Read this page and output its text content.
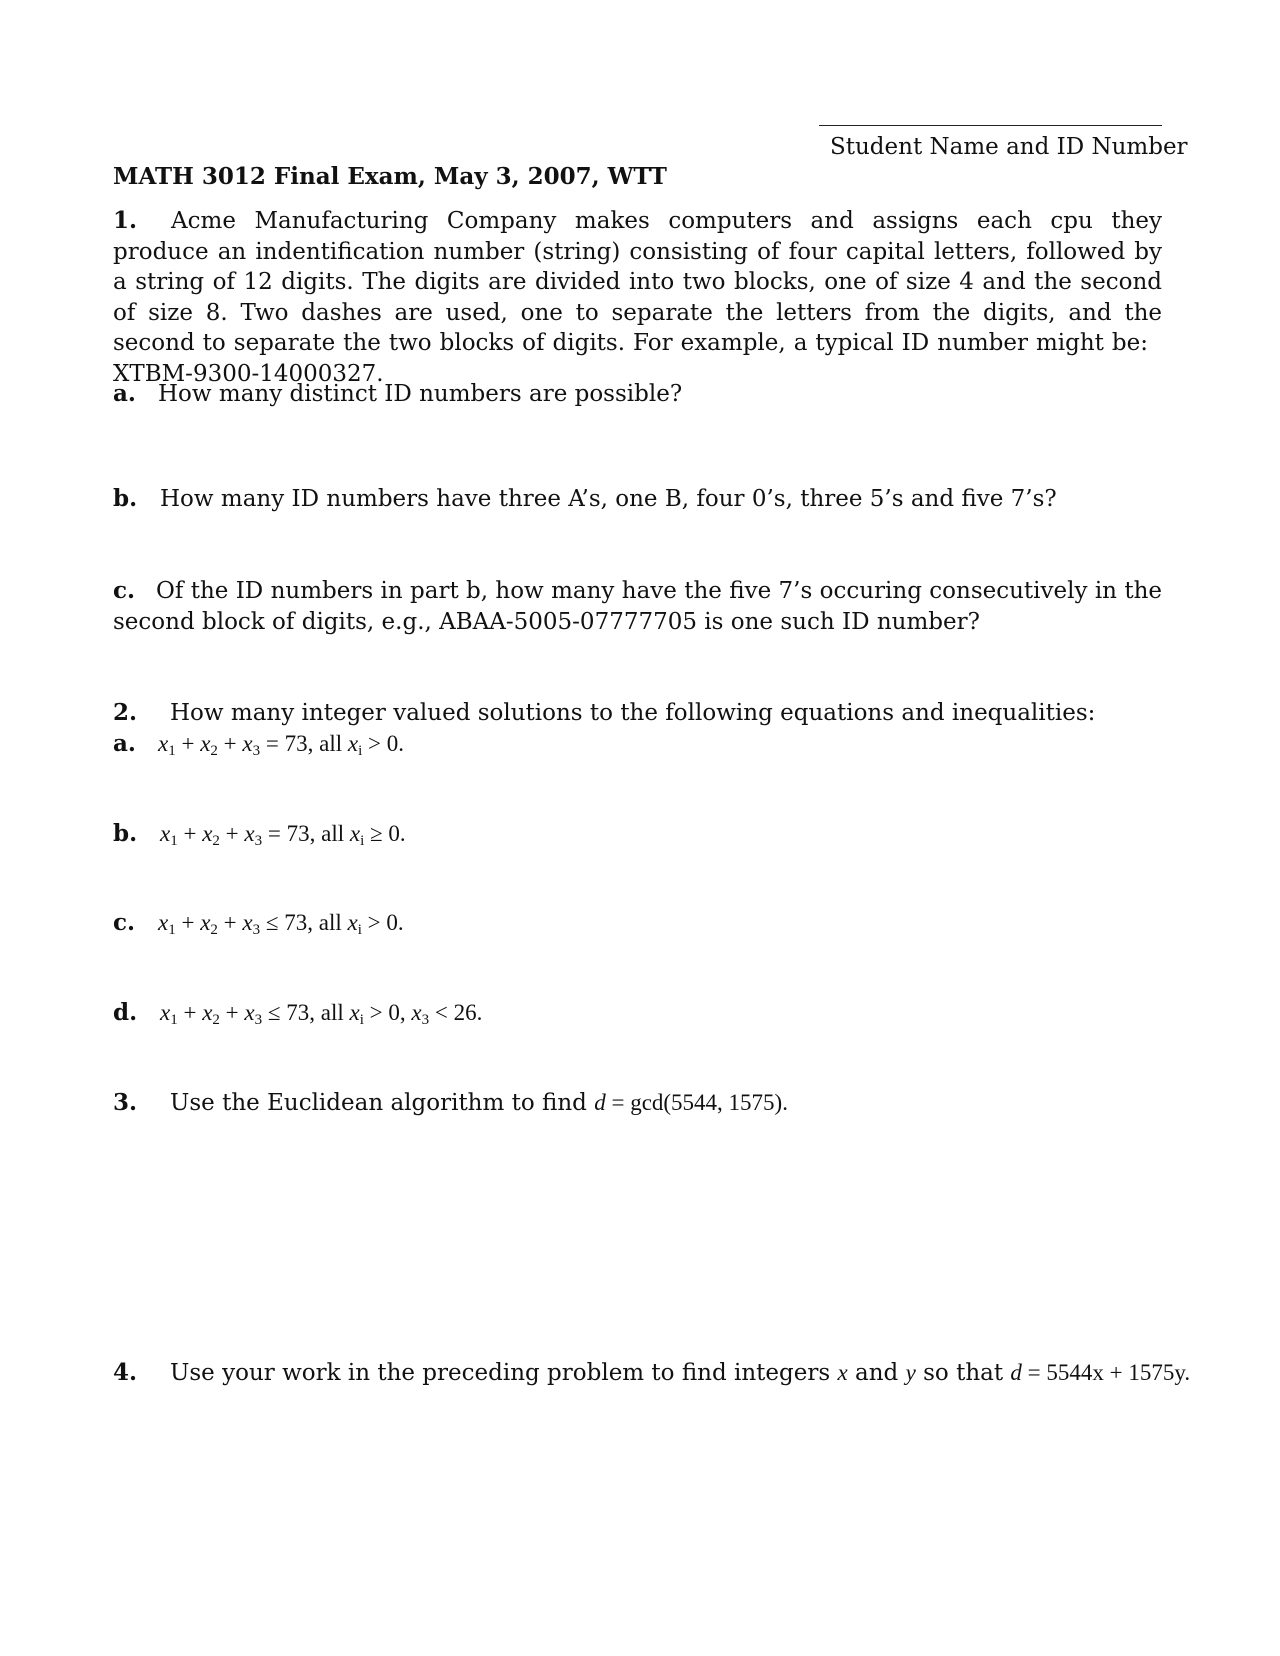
Student Name and ID Number
MATH 3012 Final Exam, May 3, 2007, WTT
1. Acme Manufacturing Company makes computers and assigns each cpu they produce an indentification number (string) consisting of four capital letters, followed by a string of 12 digits. The digits are divided into two blocks, one of size 4 and the second of size 8. Two dashes are used, one to separate the letters from the digits, and the second to separate the two blocks of digits. For example, a typical ID number might be:XTBM-9300-14000327.
a. How many distinct ID numbers are possible?
b. How many ID numbers have three A’s, one B, four 0’s, three 5’s and five 7’s?
c. Of the ID numbers in part b, how many have the five 7’s occuring consecutively in the second block of digits, e.g., ABAA-5005-07777705 is one such ID number?
2. How many integer valued solutions to the following equations and inequalities:
a. $x_1 + x_2 + x_3 = 73$, all $x_i > 0$.
b. $x_1 + x_2 + x_3 = 73$, all $x_i \ge 0$.
c. $x_1 + x_2 + x_3 \le 73$, all $x_i > 0$.
d. $x_1 + x_2 + x_3 \le 73$, all $x_i > 0$, $x_3 < 26$.
3. Use the Euclidean algorithm to find d = gcd(5544, 1575).
4. Use your work in the preceding problem to find integers x and y so that d = 5544x + 1575y.
